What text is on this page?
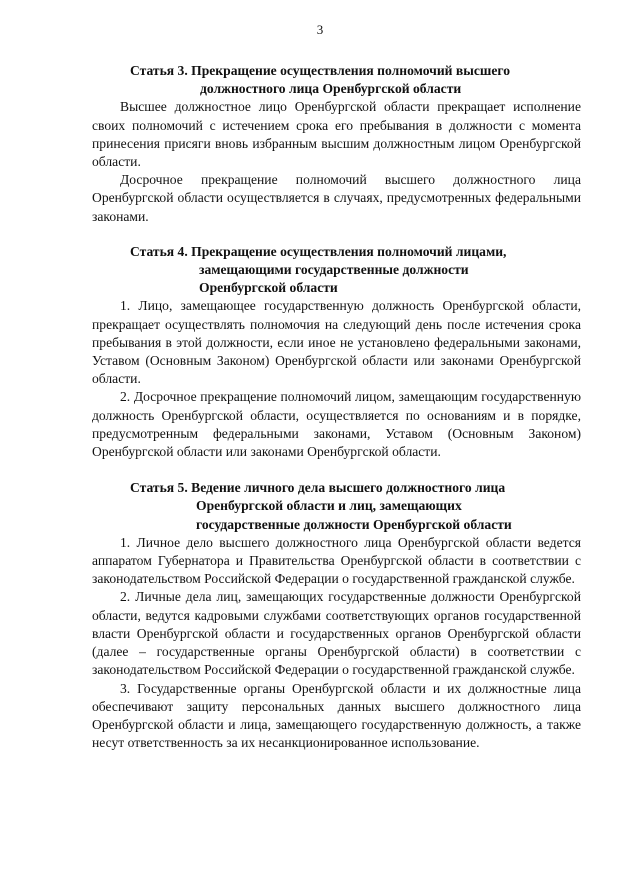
3
Статья 3. Прекращение осуществления полномочий высшего
должностного лица Оренбургской области

Высшее должностное лицо Оренбургской области прекращает исполнение своих полномочий с истечением срока его пребывания в должности с момента принесения присяги вновь избранным высшим должностным лицом Оренбургской области.

Досрочное прекращение полномочий высшего должностного лица Оренбургской области осуществляется в случаях, предусмотренных федеральными законами.

Статья 4. Прекращение осуществления полномочий лицами,
замещающими государственные должности
Оренбургской области

1. Лицо, замещающее государственную должность Оренбургской области, прекращает осуществлять полномочия на следующий день после истечения срока пребывания в этой должности, если иное не установлено федеральными законами, Уставом (Основным Законом) Оренбургской области или законами Оренбургской области.

2. Досрочное прекращение полномочий лицом, замещающим государственную должность Оренбургской области, осуществляется по основаниям и в порядке, предусмотренным федеральными законами, Уставом (Основным Законом) Оренбургской области или законами Оренбургской области.

Статья 5. Ведение личного дела высшего должностного лица
Оренбургской области и лиц, замещающих
государственные должности Оренбургской области

1. Личное дело высшего должностного лица Оренбургской области ведется аппаратом Губернатора и Правительства Оренбургской области в соответствии с законодательством Российской Федерации о государственной гражданской службе.

2. Личные дела лиц, замещающих государственные должности Оренбургской области, ведутся кадровыми службами соответствующих органов государственной власти Оренбургской области и государственных органов Оренбургской области (далее – государственные органы Оренбургской области) в соответствии с законодательством Российской Федерации о государственной гражданской службе.

3. Государственные органы Оренбургской области и их должностные лица обеспечивают защиту персональных данных высшего должностного лица Оренбургской области и лица, замещающего государственную должность, а также несут ответственность за их несанкционированное использование.
